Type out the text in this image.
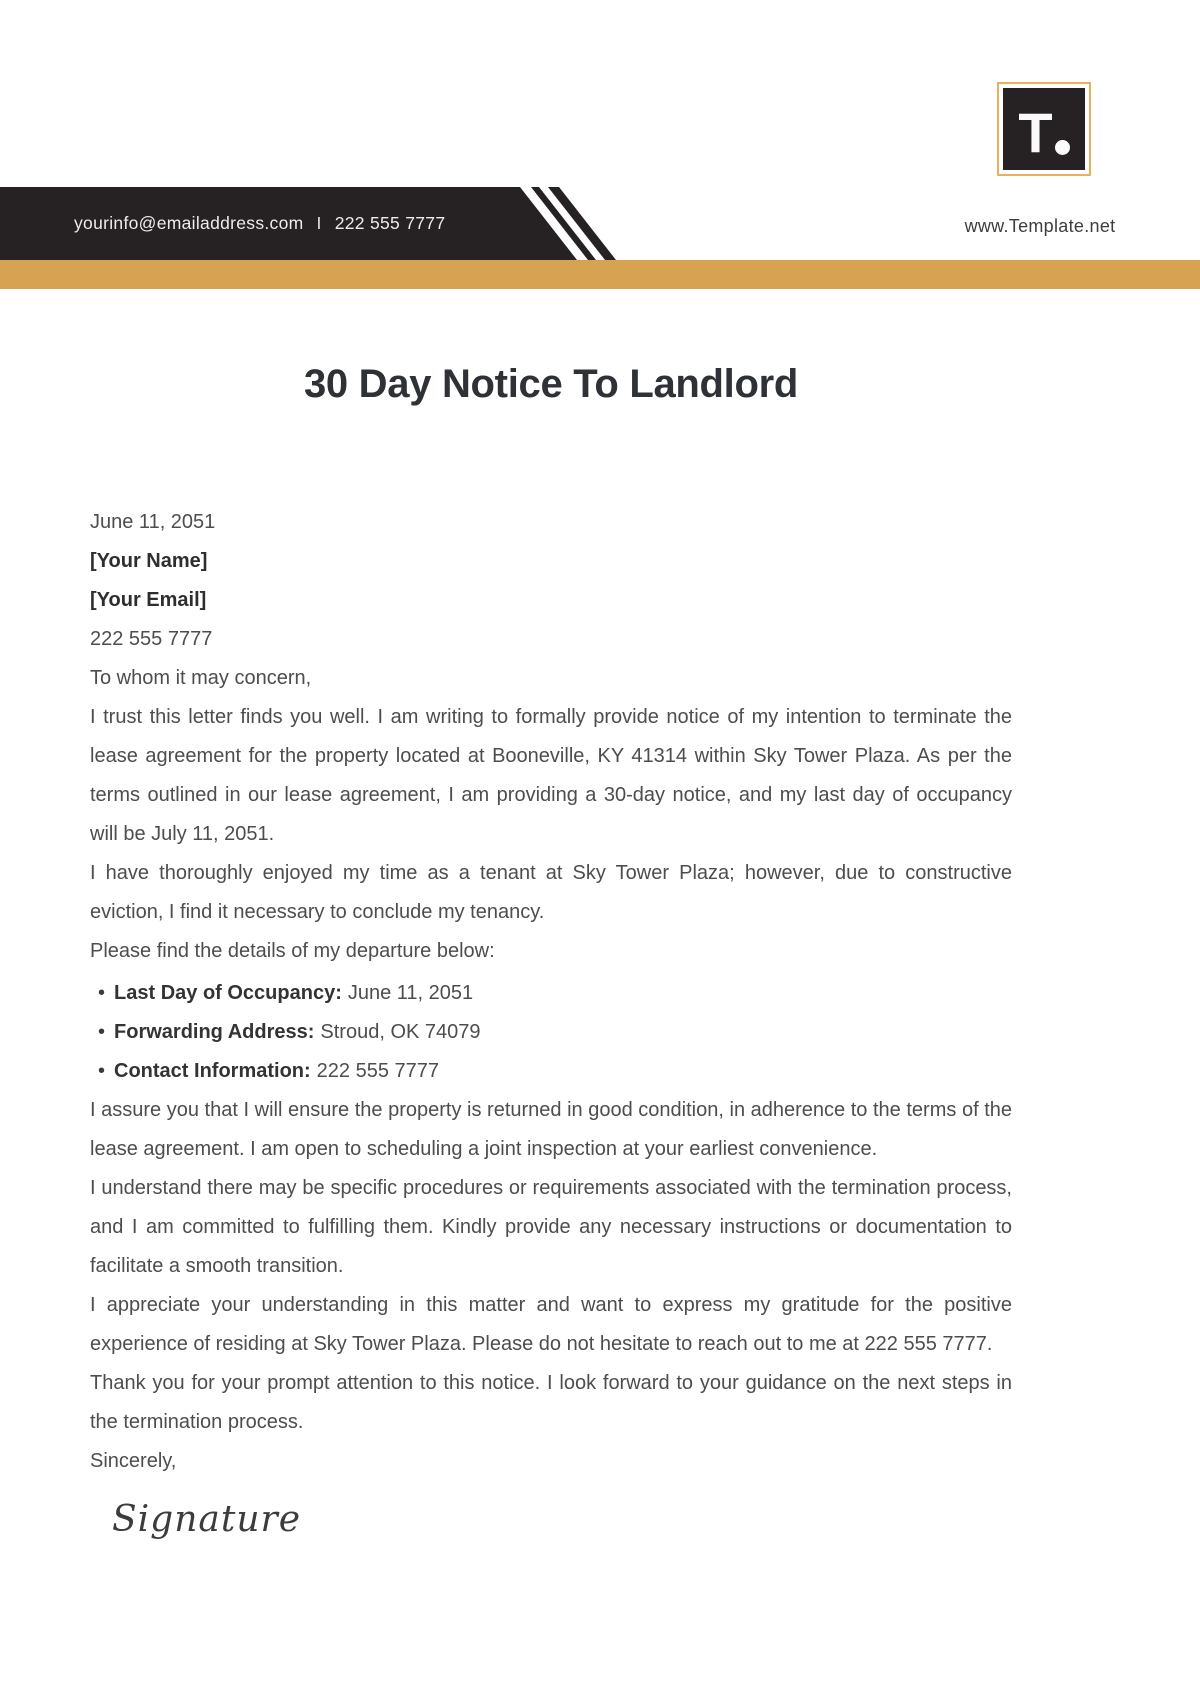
T
www.Template.net
yourinfo@emailaddress.com I 222 555 7777
30 Day Notice To Landlord

June 11, 2051

[Your Name]

[Your Email]

222 555 7777

To whom it may concern,

I trust this letter finds you well. I am writing to formally provide notice of my intention to terminate the lease agreement for the property located at Booneville, KY 41314 within Sky Tower Plaza. As per the terms outlined in our lease agreement, I am providing a 30-day notice, and my last day of occupancy will be July 11, 2051.

I have thoroughly enjoyed my time as a tenant at Sky Tower Plaza; however, due to constructive eviction, I find it necessary to conclude my tenancy.

Please find the details of my departure below:

• Last Day of Occupancy: June 11, 2051
• Forwarding Address: Stroud, OK 74079
• Contact Information: 222 555 7777

I assure you that I will ensure the property is returned in good condition, in adherence to the terms of the lease agreement. I am open to scheduling a joint inspection at your earliest convenience.

I understand there may be specific procedures or requirements associated with the termination process, and I am committed to fulfilling them. Kindly provide any necessary instructions or documentation to facilitate a smooth transition.

I appreciate your understanding in this matter and want to express my gratitude for the positive experience of residing at Sky Tower Plaza. Please do not hesitate to reach out to me at 222 555 7777.

Thank you for your prompt attention to this notice. I look forward to your guidance on the next steps in the termination process.

Sincerely,

Signature
